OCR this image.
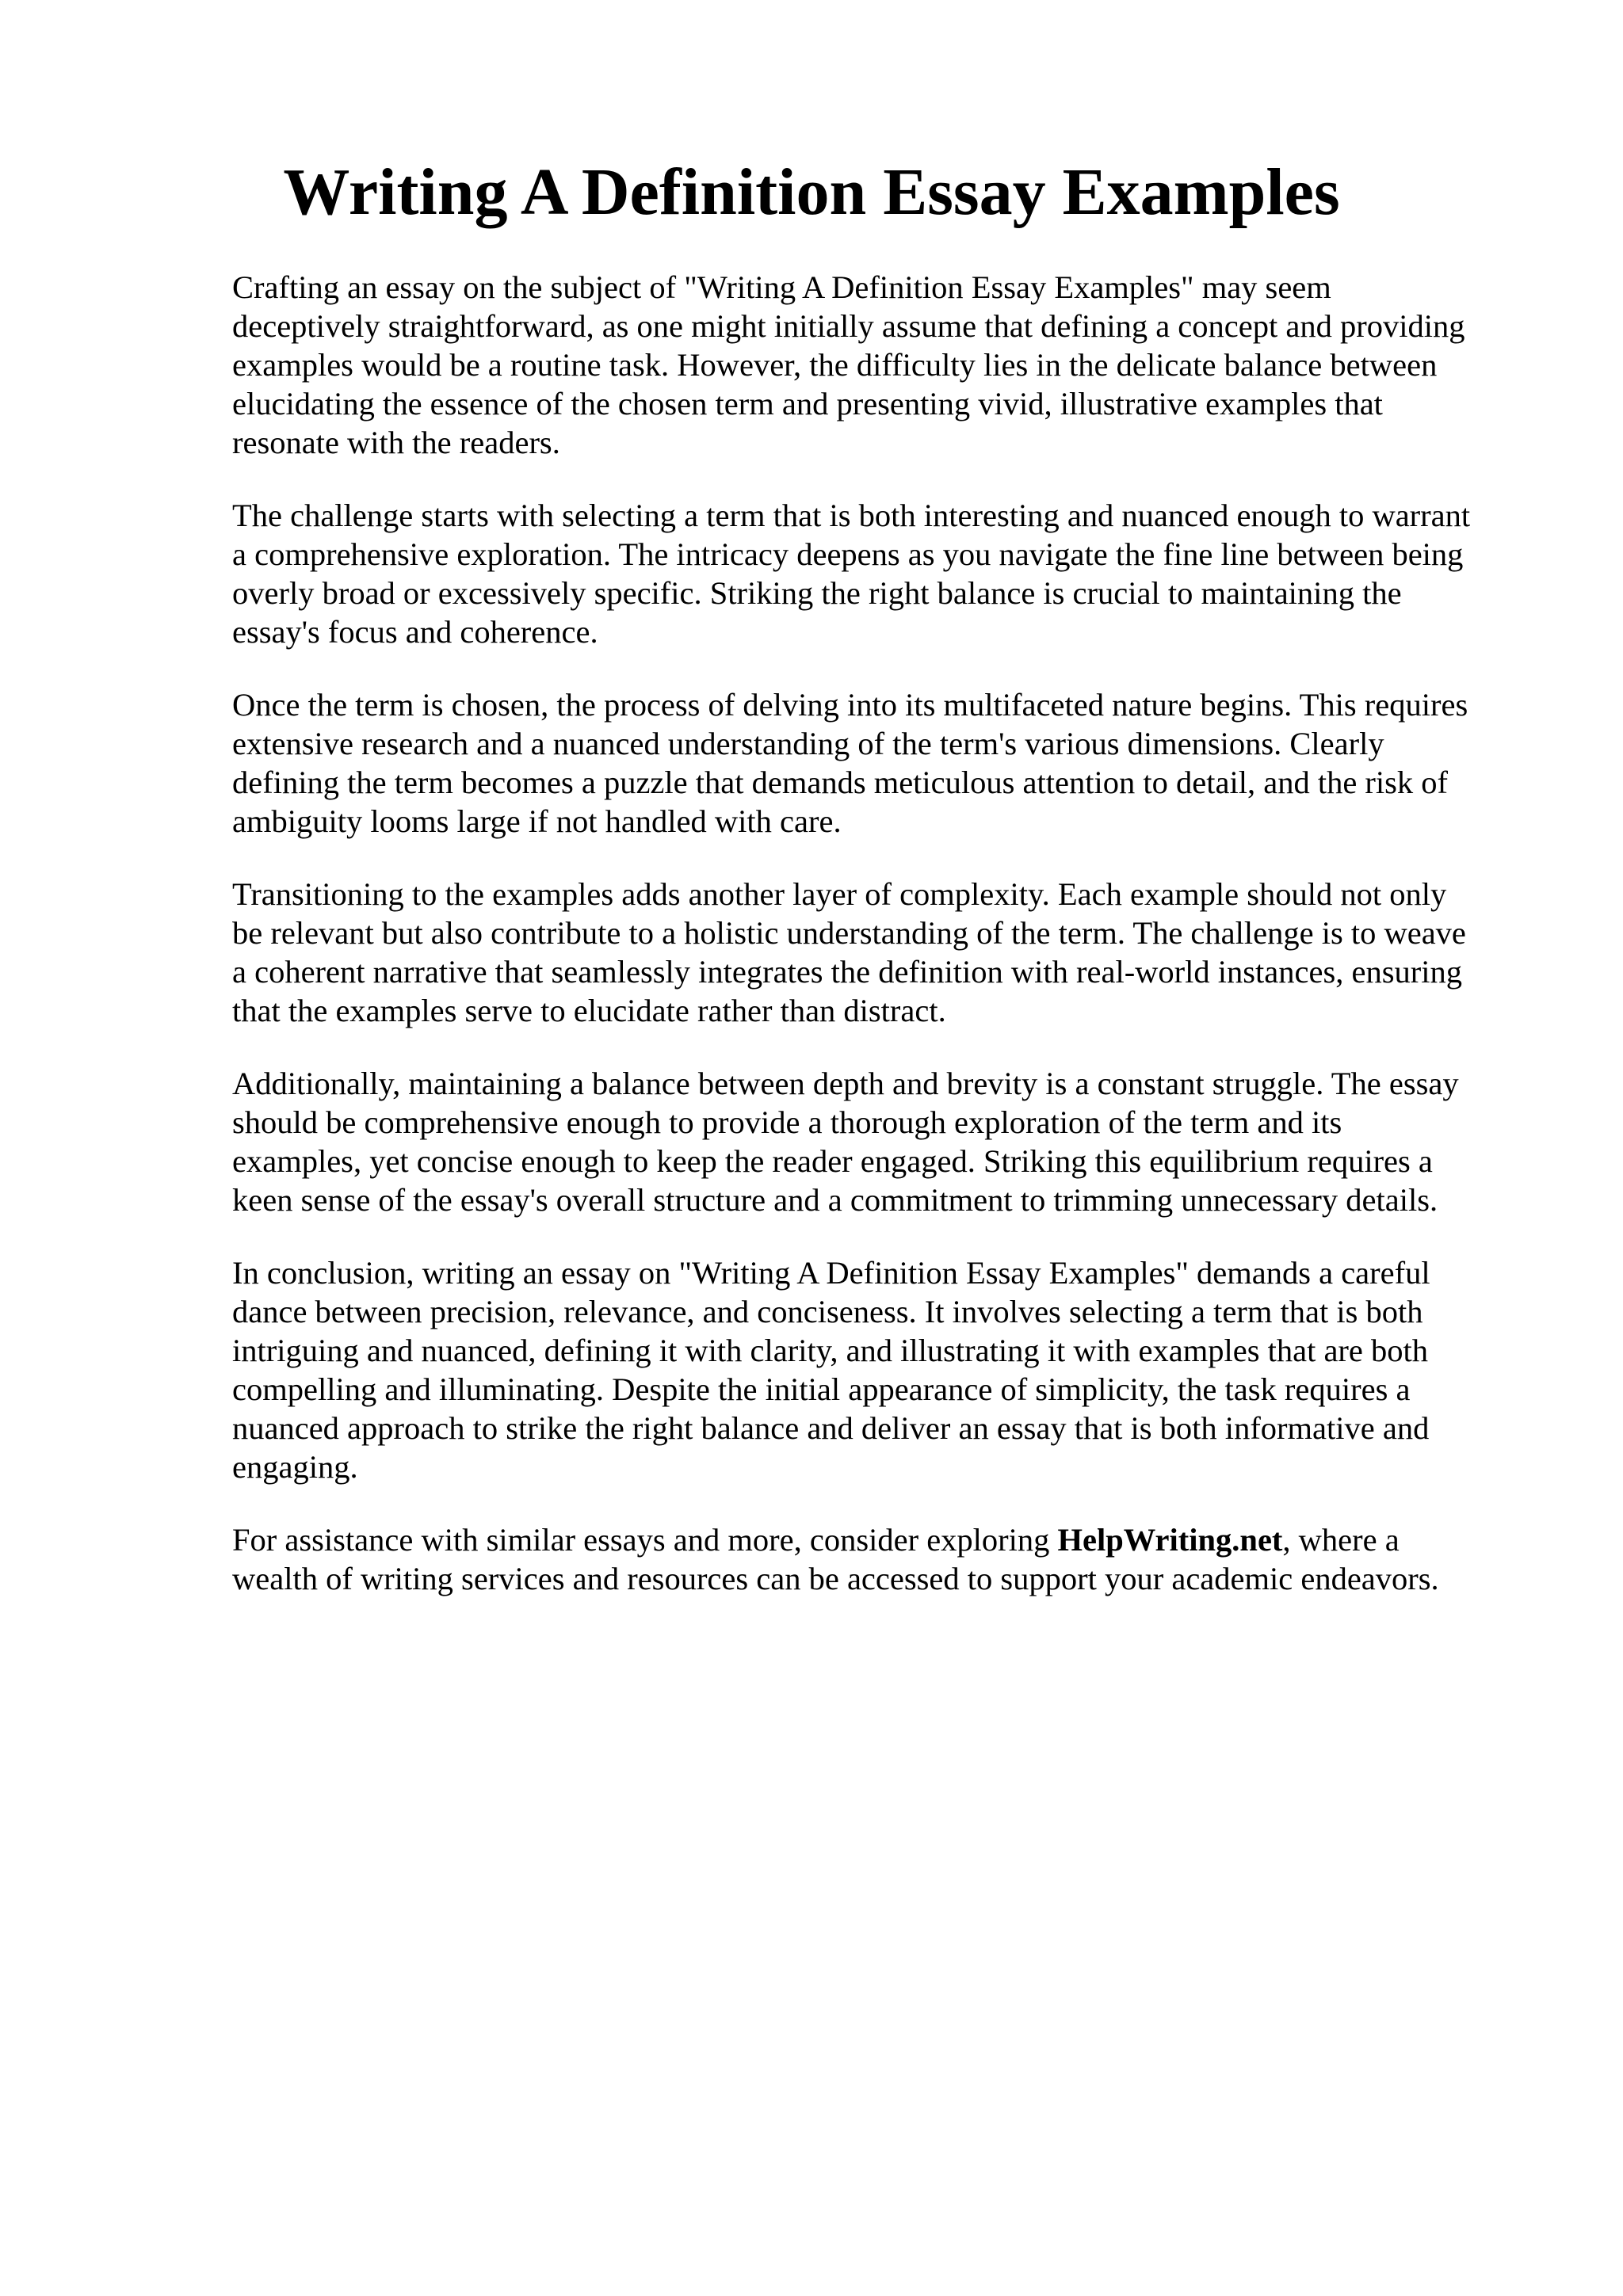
Writing A Definition Essay Examples

Crafting an essay on the subject of "Writing A Definition Essay Examples" may seem
deceptively straightforward, as one might initially assume that defining a concept and providing
examples would be a routine task. However, the difficulty lies in the delicate balance between
elucidating the essence of the chosen term and presenting vivid, illustrative examples that
resonate with the readers.

The challenge starts with selecting a term that is both interesting and nuanced enough to warrant
a comprehensive exploration. The intricacy deepens as you navigate the fine line between being
overly broad or excessively specific. Striking the right balance is crucial to maintaining the
essay's focus and coherence.

Once the term is chosen, the process of delving into its multifaceted nature begins. This requires
extensive research and a nuanced understanding of the term's various dimensions. Clearly
defining the term becomes a puzzle that demands meticulous attention to detail, and the risk of
ambiguity looms large if not handled with care.

Transitioning to the examples adds another layer of complexity. Each example should not only
be relevant but also contribute to a holistic understanding of the term. The challenge is to weave
a coherent narrative that seamlessly integrates the definition with real-world instances, ensuring
that the examples serve to elucidate rather than distract.

Additionally, maintaining a balance between depth and brevity is a constant struggle. The essay
should be comprehensive enough to provide a thorough exploration of the term and its
examples, yet concise enough to keep the reader engaged. Striking this equilibrium requires a
keen sense of the essay's overall structure and a commitment to trimming unnecessary details.

In conclusion, writing an essay on "Writing A Definition Essay Examples" demands a careful
dance between precision, relevance, and conciseness. It involves selecting a term that is both
intriguing and nuanced, defining it with clarity, and illustrating it with examples that are both
compelling and illuminating. Despite the initial appearance of simplicity, the task requires a
nuanced approach to strike the right balance and deliver an essay that is both informative and
engaging.

For assistance with similar essays and more, consider exploring HelpWriting.net, where a
wealth of writing services and resources can be accessed to support your academic endeavors.
